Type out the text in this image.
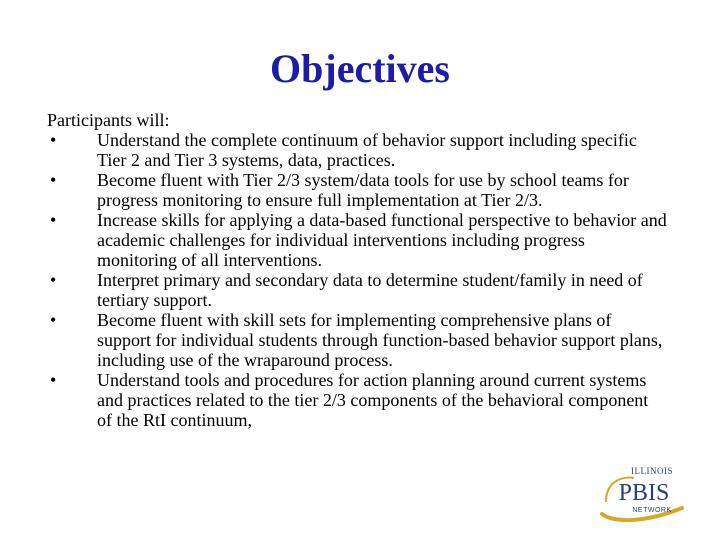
Objectives

Participants will:

• Understand the complete continuum of behavior support including specific Tier 2 and Tier 3 systems, data, practices.
• Become fluent with Tier 2/3 system/data tools for use by school teams for progress monitoring to ensure full implementation at Tier 2/3.
• Increase skills for applying a data-based functional perspective to behavior and academic challenges for individual interventions including progress monitoring of all interventions.
• Interpret primary and secondary data to determine student/family in need of tertiary support.
• Become fluent with skill sets for implementing comprehensive plans of support for individual students through function-based behavior support plans, including use of the wraparound process.
• Understand tools and procedures for action planning around current systems and practices related to the tier 2/3 components of the behavioral component of the RtI continuum,
ILLINOIS
PBIS
NETWORK
